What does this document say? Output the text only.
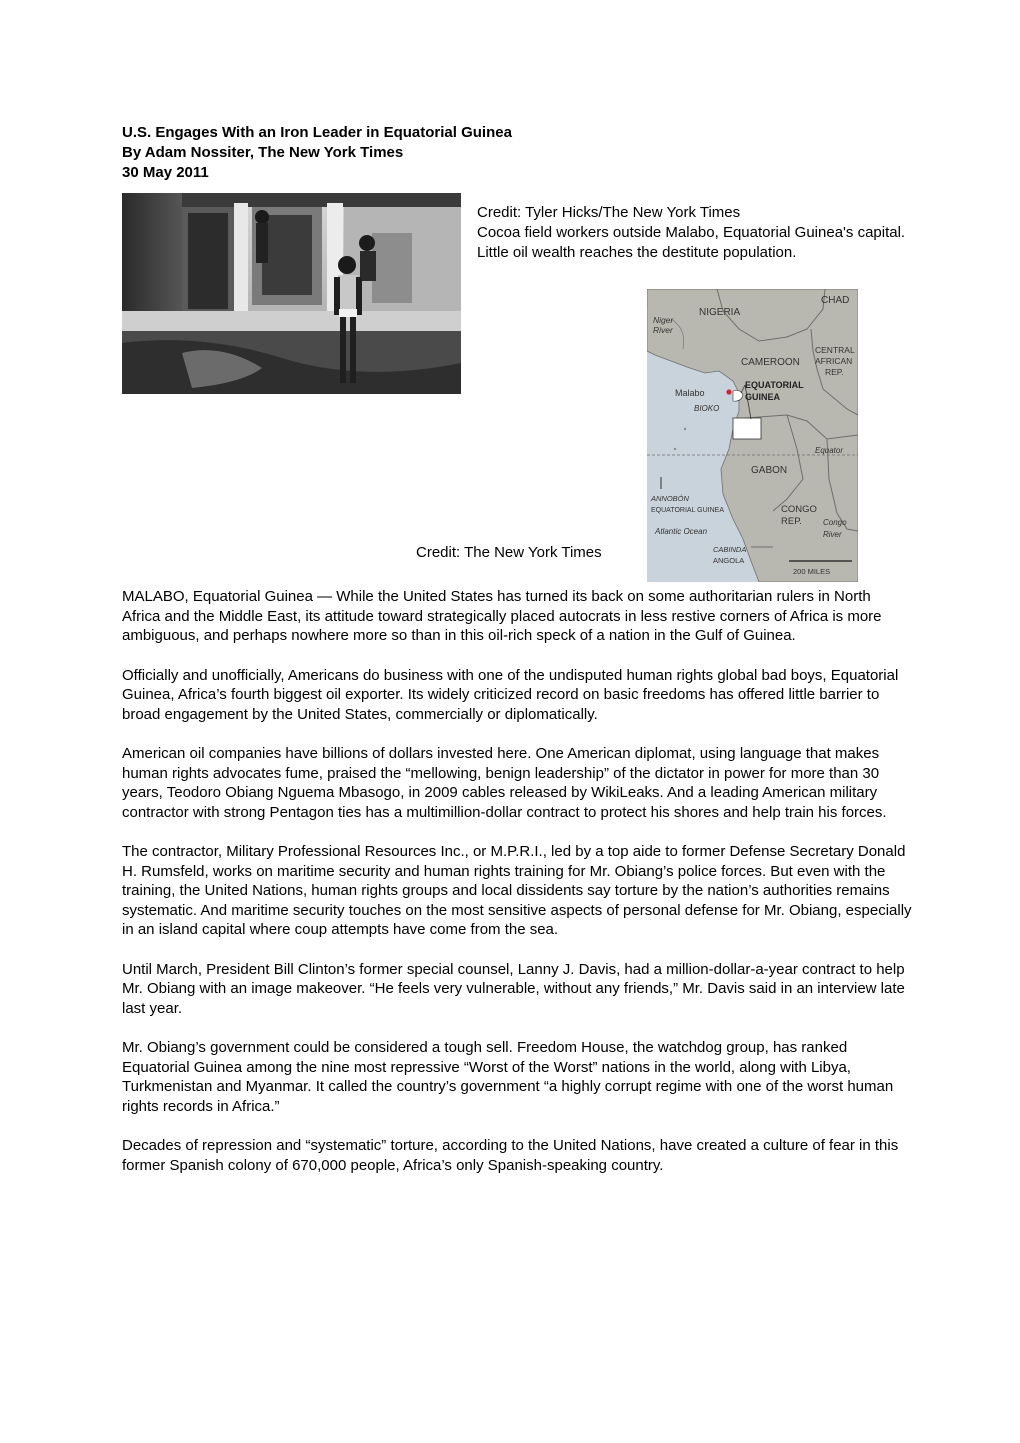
U.S. Engages With an Iron Leader in Equatorial Guinea
By Adam Nossiter, The New York Times
30 May 2011

Credit: Tyler Hicks/The New York Times

Cocoa field workers outside Malabo, Equatorial Guinea's capital. Little oil wealth reaches the destitute population.

CHAD
NIGERIA
Niger
River
CENTRAL
AFRICAN
REP.
CAMEROON
Malabo
EQUATORIAL
GUINEA
BIOKO
Equator
GABON
ANNOBÓN
EQUATORIAL GUINEA	CONGO
REP.	Congo
River
Atlantic Ocean
CABINDA
ANGOLA
200 MILES
Credit: The New York Times

MALABO, Equatorial Guinea — While the United States has turned its back on some authoritarian rulers in North Africa and the Middle East, its attitude toward strategically placed autocrats in less restive corners of Africa is more ambiguous, and perhaps nowhere more so than in this oil-rich speck of a nation in the Gulf of Guinea.

Officially and unofficially, Americans do business with one of the undisputed human rights global bad boys, Equatorial Guinea, Africa’s fourth biggest oil exporter. Its widely criticized record on basic freedoms has offered little barrier to broad engagement by the United States, commercially or diplomatically.

American oil companies have billions of dollars invested here. One American diplomat, using language that makes human rights advocates fume, praised the “mellowing, benign leadership” of the dictator in power for more than 30 years, Teodoro Obiang Nguema Mbasogo, in 2009 cables released by WikiLeaks. And a leading American military contractor with strong Pentagon ties has a multimillion-dollar contract to protect his shores and help train his forces.

The contractor, Military Professional Resources Inc., or M.P.R.I., led by a top aide to former Defense Secretary Donald H. Rumsfeld, works on maritime security and human rights training for Mr. Obiang’s police forces. But even with the training, the United Nations, human rights groups and local dissidents say torture by the nation’s authorities remains systematic. And maritime security touches on the most sensitive aspects of personal defense for Mr. Obiang, especially in an island capital where coup attempts have come from the sea.

Until March, President Bill Clinton’s former special counsel, Lanny J. Davis, had a million-dollar-a-year contract to help Mr. Obiang with an image makeover. “He feels very vulnerable, without any friends,” Mr. Davis said in an interview late last year.

Mr. Obiang’s government could be considered a tough sell. Freedom House, the watchdog group, has ranked Equatorial Guinea among the nine most repressive “Worst of the Worst” nations in the world, along with Libya, Turkmenistan and Myanmar. It called the country’s government “a highly corrupt regime with one of the worst human rights records in Africa.”

Decades of repression and “systematic” torture, according to the United Nations, have created a culture of fear in this former Spanish colony of 670,000 people, Africa’s only Spanish-speaking country.
